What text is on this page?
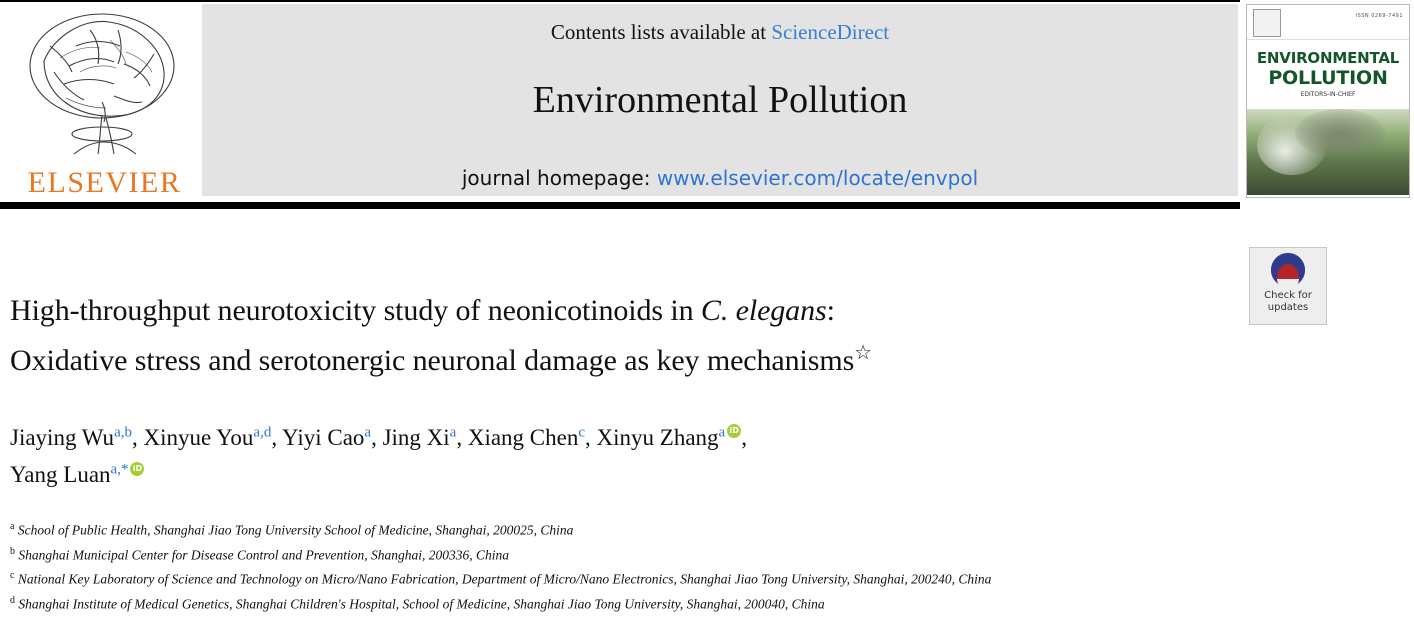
ELSEVIER
Contents lists available at ScienceDirect
Environmental Pollution
journal homepage: www.elsevier.com/locate/envpol
ISSN 0269-7491
ENVIRONMENTAL
POLLUTION
EDITORS-IN-CHIEF
Check for
updates
High-throughput neurotoxicity study of neonicotinoids in C. elegans:
Oxidative stress and serotonergic neuronal damage as key mechanisms☆
Jiaying Wu$^{a,b}$, Xinyue You$^{a,d}$, Yiyi Cao$^a$, Jing Xi$^a$, Xiang Chen$^c$, Xinyu Zhang$^a$ iD ,
Yang Luan$^{a,*}$iD
$^a$ School of Public Health, Shanghai Jiao Tong University School of Medicine, Shanghai, 200025, China
$^b$ Shanghai Municipal Center for Disease Control and Prevention, Shanghai, 200336, China
$^c$ National Key Laboratory of Science and Technology on Micro/Nano Fabrication, Department of Micro/Nano Electronics, Shanghai Jiao Tong University, Shanghai, 200240, China
$^d$ Shanghai Institute of Medical Genetics, Shanghai Children's Hospital, School of Medicine, Shanghai Jiao Tong University, Shanghai, 200040, China
